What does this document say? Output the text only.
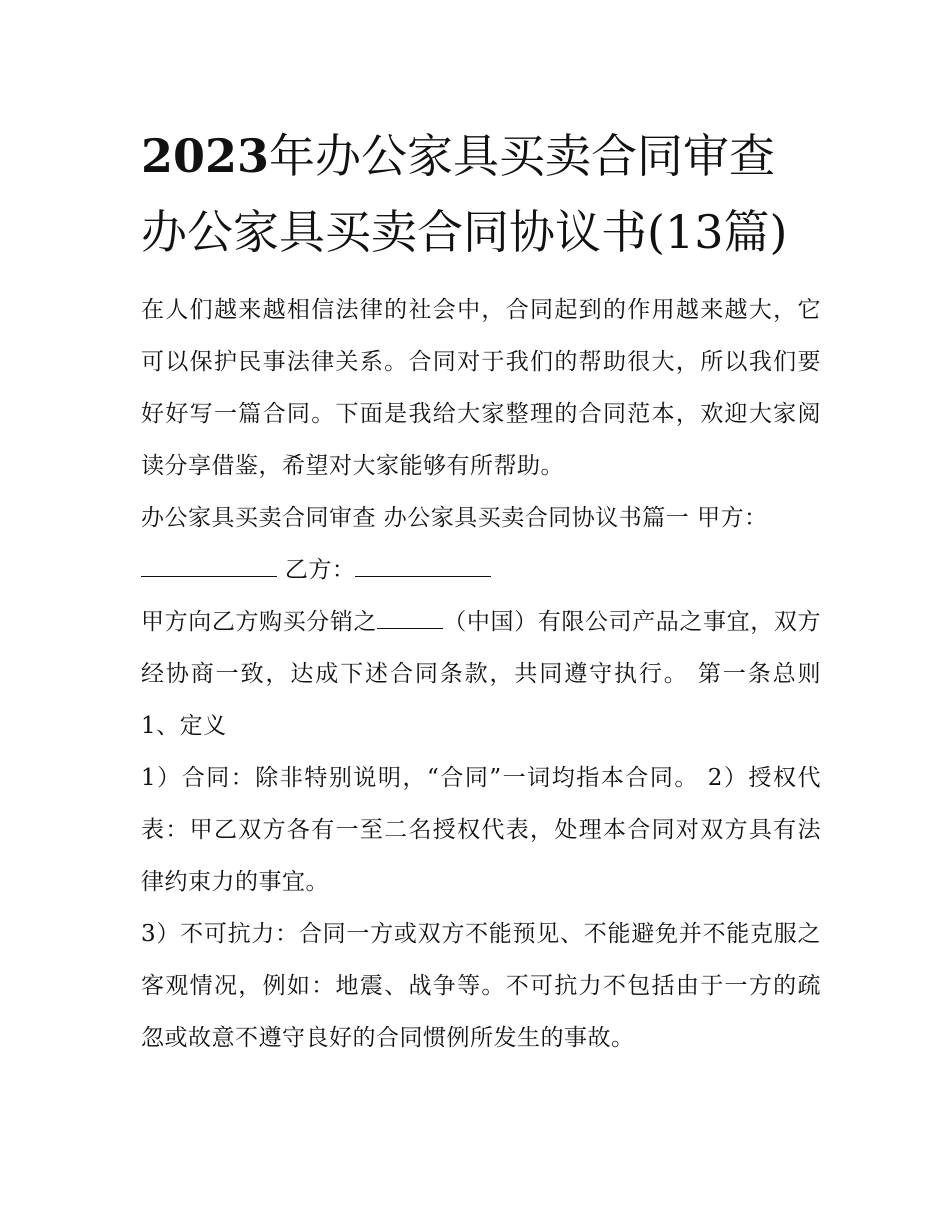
2023年办公家具买卖合同审查办公家具买卖合同协议书(13篇)

在人们越来越相信法律的社会中，合同起到的作用越来越大，它可以保护民事法律关系。合同对于我们的帮助很大，所以我们要好好写一篇合同。下面是我给大家整理的合同范本，欢迎大家阅读分享借鉴，希望对大家能够有所帮助。

办公家具买卖合同审查 办公家具买卖合同协议书篇一 甲方：

乙方：

甲方向乙方购买分销之	（中国）有限公司产品之事宜，双方经协商一致，达成下述合同条款，共同遵守执行。 第一条总则 1、定义

1）合同：除非特别说明，“合同”一词均指本合同。 2）授权代表：甲乙双方各有一至二名授权代表，处理本合同对双方具有法律约束力的事宜。

3）不可抗力：合同一方或双方不能预见、不能避免并不能克服之客观情况，例如：地震、战争等。不可抗力不包括由于一方的疏忽或故意不遵守良好的合同惯例所发生的事故。
